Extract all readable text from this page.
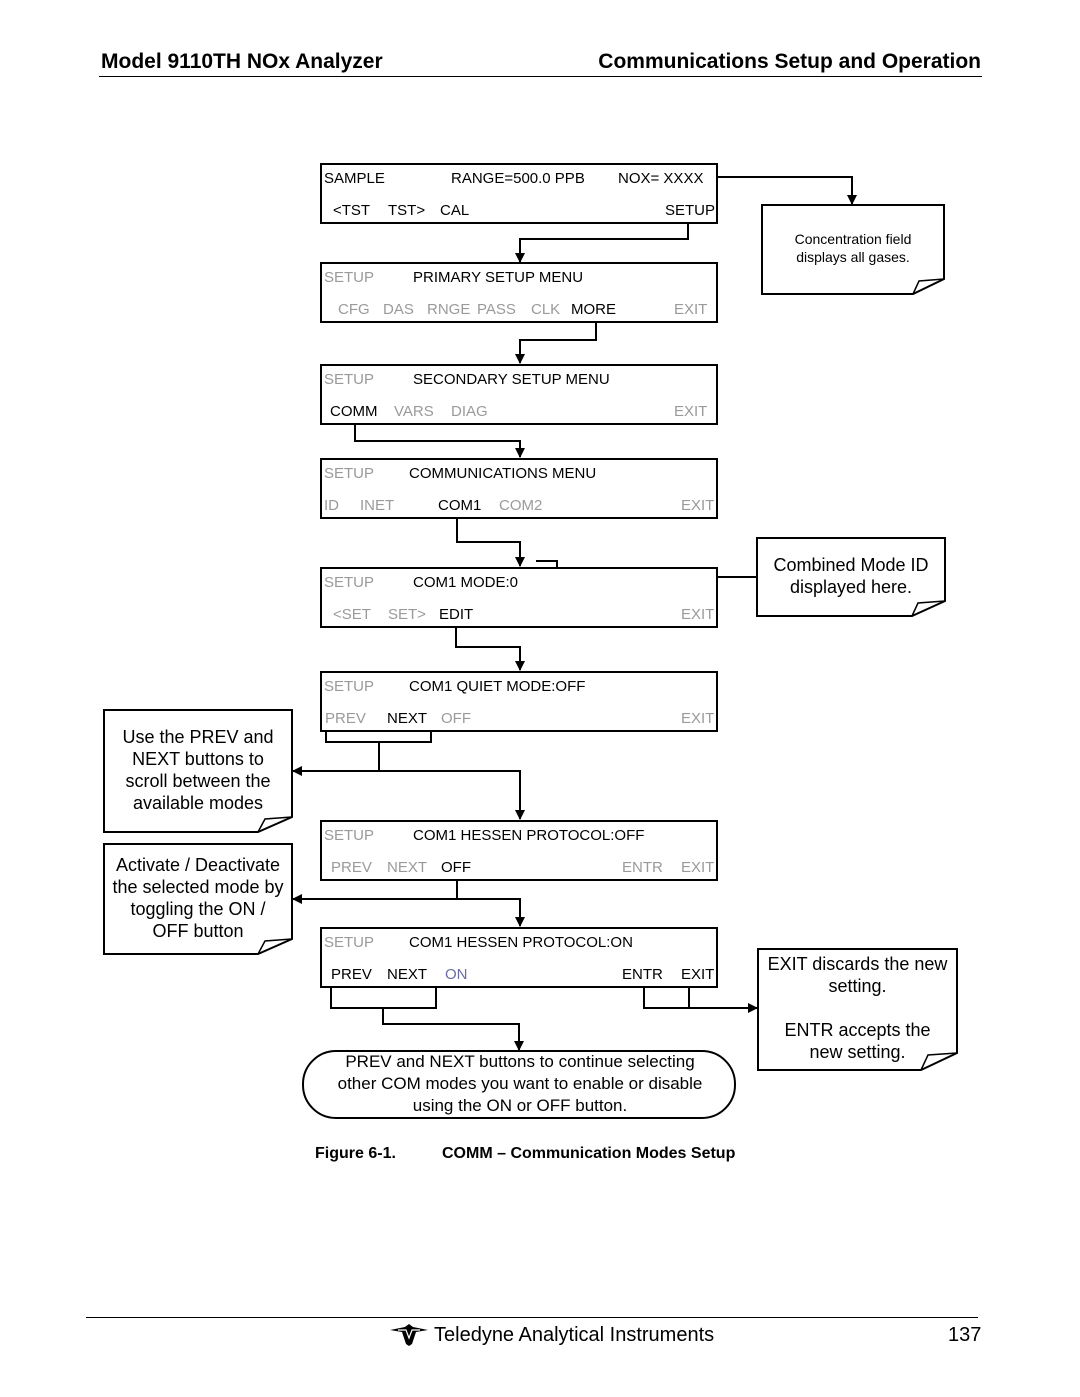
Model 9110TH NOx Analyzer	Communications Setup and Operation
SAMPLE	RANGE=500.0 PPB NOX= XXXX
<TST TST> CAL	SETUP
SETUP	PRIMARY SETUP MENU
CFG DAS RNGE PASS CLK MORE	EXIT
SETUP	SECONDARY SETUP MENU
COMM VARS DIAG	EXIT
SETUP COMMUNICATIONS MENU
ID INET	COM1 COM2	EXIT
SETUP	COM1 MODE:0
<SET SET> EDIT	EXIT
SETUP COM1 QUIET MODE:OFF
PREV NEXT OFF	EXIT
SETUP	COM1 HESSEN PROTOCOL:OFF
PREV NEXT OFF	ENTR EXIT
SETUP COM1 HESSEN PROTOCOL:ON
PREV NEXT ON	ENTR EXIT
Concentration field
displays all gases.
Combined Mode ID
displayed here.
Use the PREV and
NEXT buttons to
scroll between the
available modes
Activate / Deactivate
the selected mode by
toggling the ON /
OFF button
EXIT discards the new
setting.

ENTR accepts the
new setting.
PREV and NEXT buttons to continue selecting
other COM modes you want to enable or disable
using the ON or OFF button.
Figure 6-1.	COMM – Communication Modes Setup
Teledyne Analytical Instruments	137
